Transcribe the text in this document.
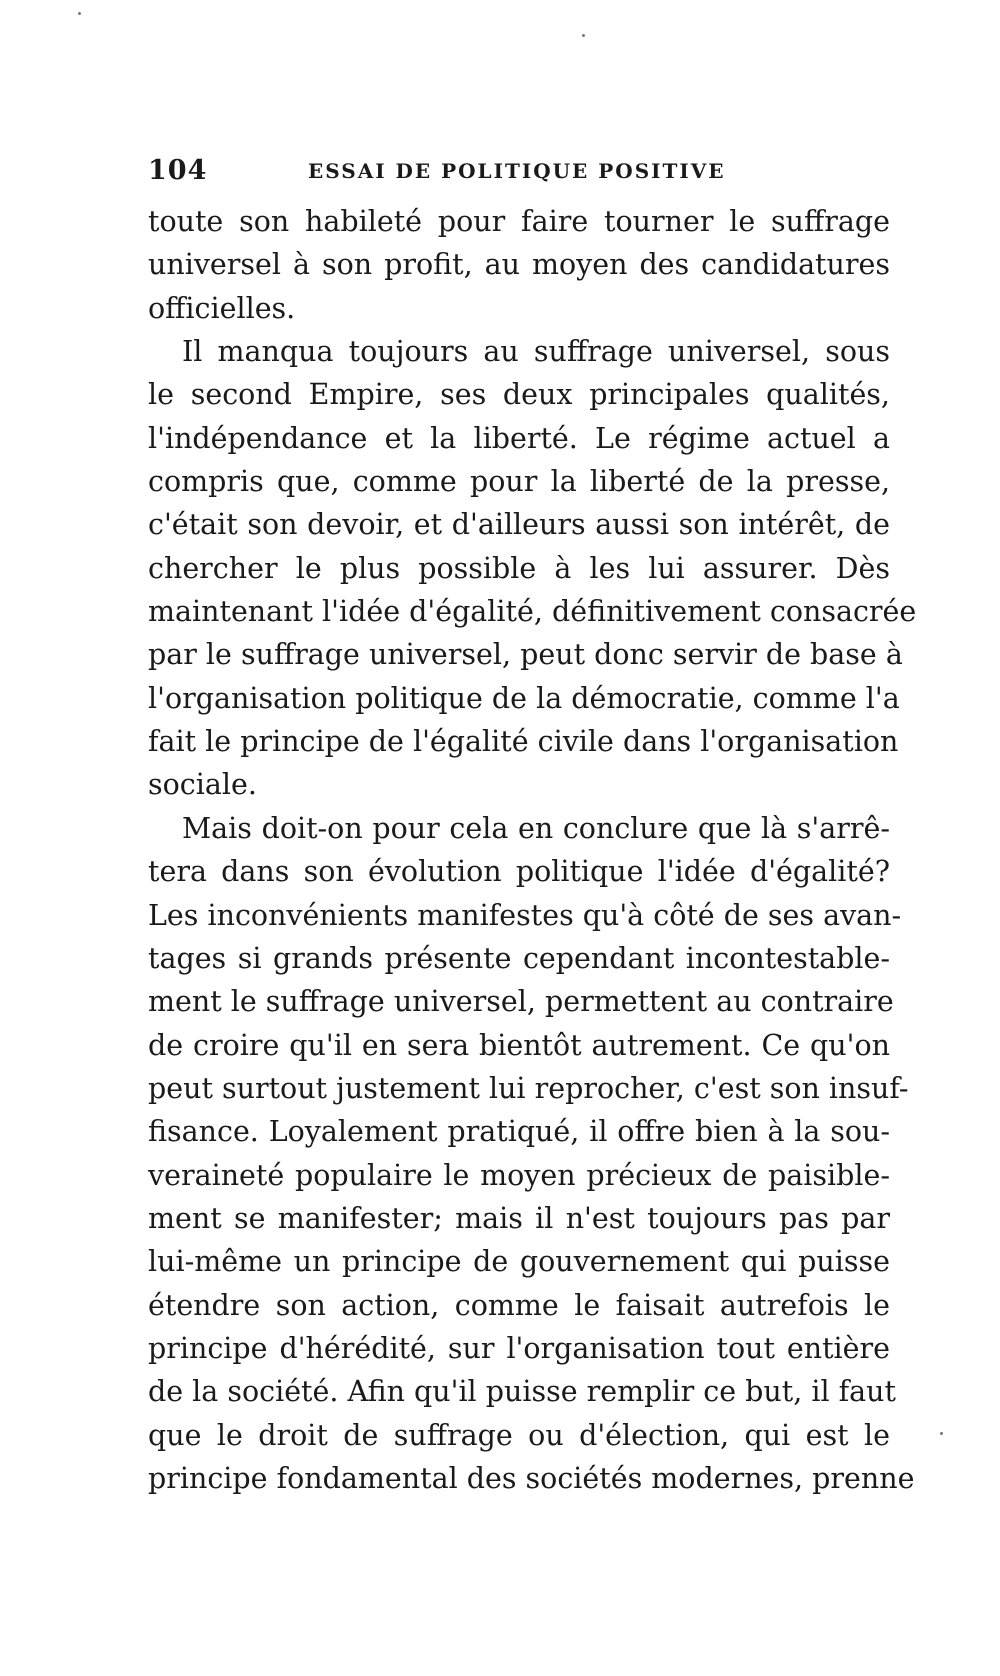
104	ESSAI DE POLITIQUE POSITIVE
toute son habileté pour faire tourner le suffrage
universel à son profit, au moyen des candidatures
officielles.
Il manqua toujours au suffrage universel, sous
le second Empire, ses deux principales qualités,
l'indépendance et la liberté. Le régime actuel a
compris que, comme pour la liberté de la presse,
c'était son devoir, et d'ailleurs aussi son intérêt, de
chercher le plus possible à les lui assurer. Dès
maintenant l'idée d'égalité, définitivement consacrée
par le suffrage universel, peut donc servir de base à
l'organisation politique de la démocratie, comme l'a
fait le principe de l'égalité civile dans l'organisation
sociale.
Mais doit-on pour cela en conclure que là s'arrê-
tera dans son évolution politique l'idée d'égalité?
Les inconvénients manifestes qu'à côté de ses avan-
tages si grands présente cependant incontestable-
ment le suffrage universel, permettent au contraire
de croire qu'il en sera bientôt autrement. Ce qu'on
peut surtout justement lui reprocher, c'est son insuf-
fisance. Loyalement pratiqué, il offre bien à la sou-
veraineté populaire le moyen précieux de paisible-
ment se manifester; mais il n'est toujours pas par
lui-même un principe de gouvernement qui puisse
étendre son action, comme le faisait autrefois le
principe d'hérédité, sur l'organisation tout entière
de la société. Afin qu'il puisse remplir ce but, il faut
que le droit de suffrage ou d'élection, qui est le
principe fondamental des sociétés modernes, prenne
